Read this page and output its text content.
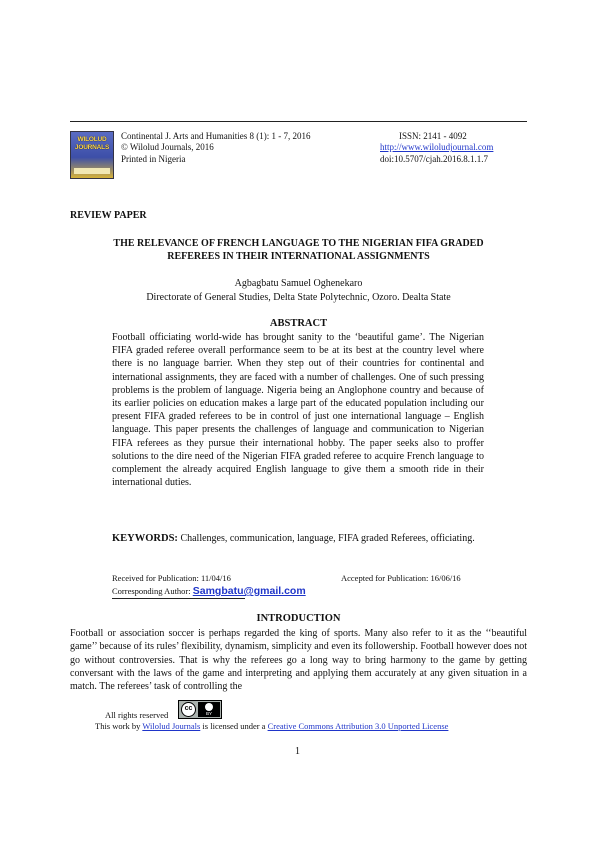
WILOLUD
JOURNALS
Continental J. Arts and Humanities 8 (1): 1 - 7, 2016
© Wilolud Journals, 2016
Printed in Nigeria
ISSN: 2141 - 4092
http://www.wiloludjournal.com
doi:10.5707/cjah.2016.8.1.1.7
REVIEW PAPER
THE RELEVANCE OF FRENCH LANGUAGE TO THE NIGERIAN FIFA GRADED
REFEREES IN THEIR INTERNATIONAL ASSIGNMENTS
Agbagbatu Samuel Oghenekaro
Directorate of General Studies, Delta State Polytechnic, Ozoro. Dealta State
ABSTRACT
Football officiating world-wide has brought sanity to the ‘beautiful game’. The Nigerian FIFA graded referee overall performance seem to be at its best at the country level where there is no language barrier. When they step out of their countries for continental and international assignments, they are faced with a number of challenges. One of such pressing problems is the problem of language. Nigeria being an Anglophone country and because of its earlier policies on education makes a large part of the educated population including our present FIFA graded referees to be in control of just one international language – English language. This paper presents the challenges of language and communication to Nigerian FIFA referees as they pursue their international hobby. The paper seeks also to proffer solutions to the dire need of the Nigerian FIFA graded referee to acquire French language to complement the already acquired English language to give them a smooth ride in their international duties.
KEYWORDS: Challenges, communication, language, FIFA graded Referees, officiating.
Received for Publication: 11/04/16	Accepted for Publication: 16/06/16
Corresponding Author: Samgbatu@gmail.com
INTRODUCTION
Football or association soccer is perhaps regarded the king of sports. Many also refer to it as the ‘‘beautiful game’’ because of its rules’ flexibility, dynamism, simplicity and even its followership. Football however does not go without controversies. That is why the referees go a long way to bring harmony to the game by getting conversant with the laws of the game and interpreting and applying them accurately at any given situation in a match. The referees’ task of controlling the
All rights reserved
cc
BY
This work by Wilolud Journals is licensed under a Creative Commons Attribution 3.0 Unported License
1
